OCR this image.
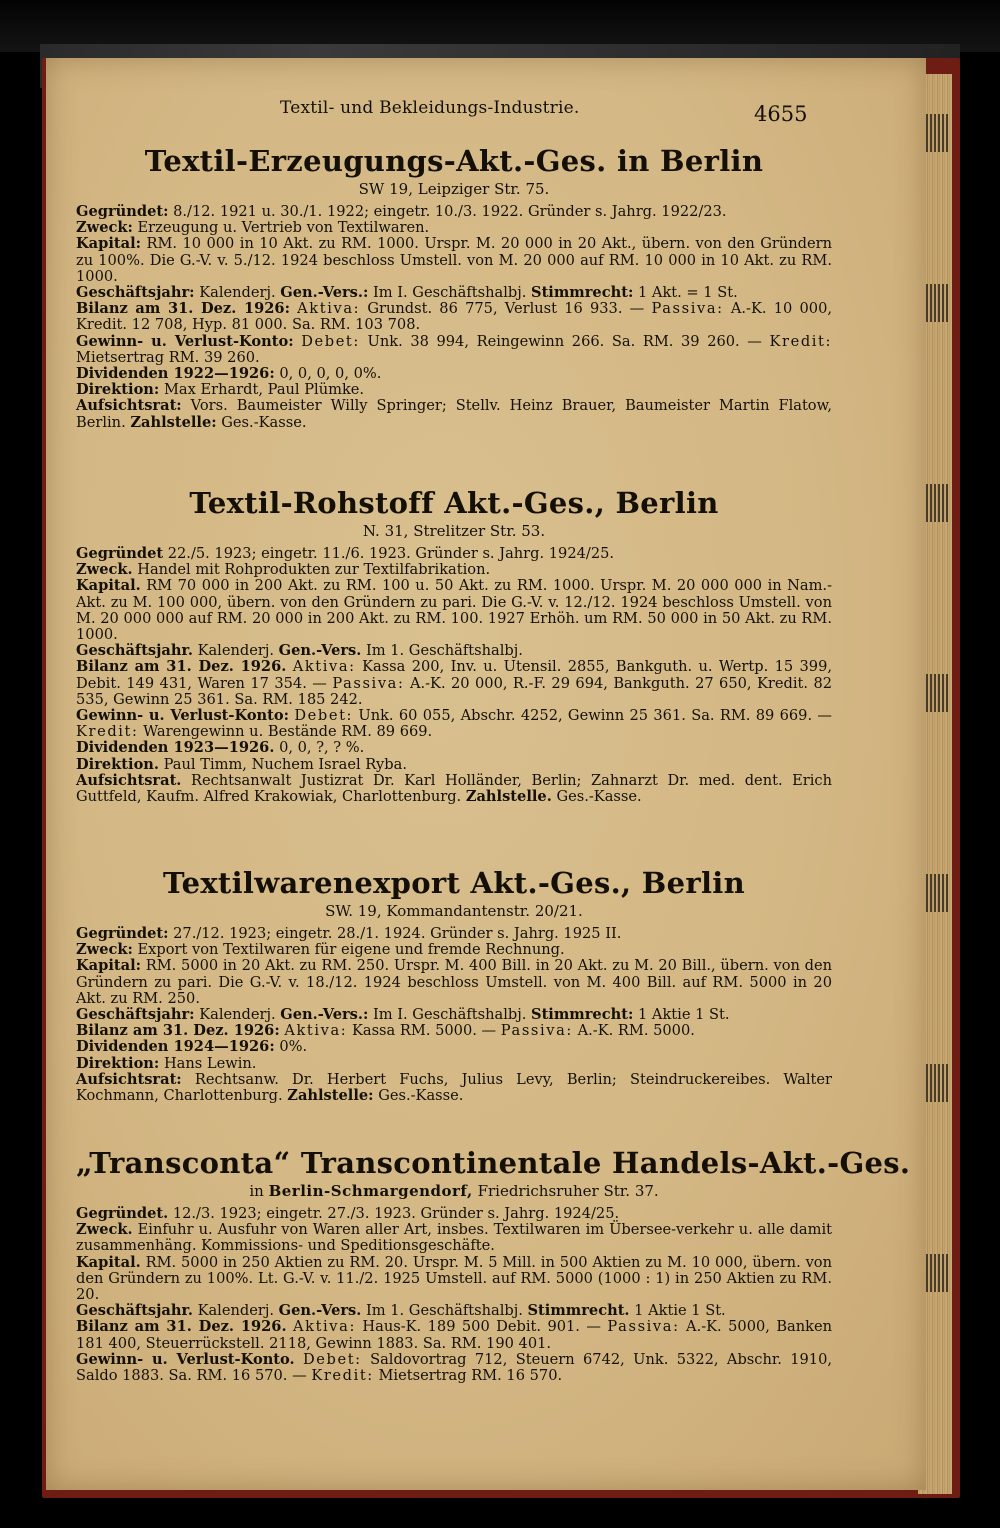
Textil- und Bekleidungs-Industrie.	4655
Textil-Erzeugungs-Akt.-Ges. in Berlin
SW 19, Leipziger Str. 75.

Gegründet: 8./12. 1921 u. 30./1. 1922; eingetr. 10./3. 1922. Gründer s. Jahrg. 1922/23.

Zweck: Erzeugung u. Vertrieb von Textilwaren.

Kapital: RM. 10 000 in 10 Akt. zu RM. 1000. Urspr. M. 20 000 in 20 Akt., übern. von den Gründern zu 100%. Die G.-V. v. 5./12. 1924 beschloss Umstell. von M. 20 000 auf RM. 10 000 in 10 Akt. zu RM. 1000.

Geschäftsjahr: Kalenderj. Gen.-Vers.: Im I. Geschäftshalbj. Stimmrecht: 1 Akt. = 1 St.

Bilanz am 31. Dez. 1926: Aktiva: Grundst. 86 775, Verlust 16 933. — Passiva: A.-K. 10 000, Kredit. 12 708, Hyp. 81 000. Sa. RM. 103 708.

Gewinn- u. Verlust-Konto: Debet: Unk. 38 994, Reingewinn 266. Sa. RM. 39 260. — Kredit: Mietsertrag RM. 39 260.

Dividenden 1922—1926: 0, 0, 0, 0, 0%.

Direktion: Max Erhardt, Paul Plümke.

Aufsichtsrat: Vors. Baumeister Willy Springer; Stellv. Heinz Brauer, Baumeister Martin Flatow, Berlin. Zahlstelle: Ges.-Kasse.

Textil-Rohstoff Akt.-Ges., Berlin
N. 31, Strelitzer Str. 53.

Gegründet 22./5. 1923; eingetr. 11./6. 1923. Gründer s. Jahrg. 1924/25.

Zweck. Handel mit Rohprodukten zur Textilfabrikation.

Kapital. RM 70 000 in 200 Akt. zu RM. 100 u. 50 Akt. zu RM. 1000. Urspr. M. 20 000 000 in Nam.-Akt. zu M. 100 000, übern. von den Gründern zu pari. Die G.-V. v. 12./12. 1924 beschloss Umstell. von M. 20 000 000 auf RM. 20 000 in 200 Akt. zu RM. 100. 1927 Erhöh. um RM. 50 000 in 50 Akt. zu RM. 1000.

Geschäftsjahr. Kalenderj. Gen.-Vers. Im 1. Geschäftshalbj.

Bilanz am 31. Dez. 1926. Aktiva: Kassa 200, Inv. u. Utensil. 2855, Bankguth. u. Wertp. 15 399, Debit. 149 431, Waren 17 354. — Passiva: A.-K. 20 000, R.-F. 29 694, Bankguth. 27 650, Kredit. 82 535, Gewinn 25 361. Sa. RM. 185 242.

Gewinn- u. Verlust-Konto: Debet: Unk. 60 055, Abschr. 4252, Gewinn 25 361. Sa. RM. 89 669. — Kredit: Warengewinn u. Bestände RM. 89 669.

Dividenden 1923—1926. 0, 0, ?, ? %.

Direktion. Paul Timm, Nuchem Israel Ryba.

Aufsichtsrat. Rechtsanwalt Justizrat Dr. Karl Holländer, Berlin; Zahnarzt Dr. med. dent. Erich Guttfeld, Kaufm. Alfred Krakowiak, Charlottenburg. Zahlstelle. Ges.-Kasse.

Textilwarenexport Akt.-Ges., Berlin
SW. 19, Kommandantenstr. 20/21.

Gegründet: 27./12. 1923; eingetr. 28./1. 1924. Gründer s. Jahrg. 1925 II.

Zweck: Export von Textilwaren für eigene und fremde Rechnung.

Kapital: RM. 5000 in 20 Akt. zu RM. 250. Urspr. M. 400 Bill. in 20 Akt. zu M. 20 Bill., übern. von den Gründern zu pari. Die G.-V. v. 18./12. 1924 beschloss Umstell. von M. 400 Bill. auf RM. 5000 in 20 Akt. zu RM. 250.

Geschäftsjahr: Kalenderj. Gen.-Vers.: Im I. Geschäftshalbj. Stimmrecht: 1 Aktie 1 St.

Bilanz am 31. Dez. 1926: Aktiva: Kassa RM. 5000. — Passiva: A.-K. RM. 5000.

Dividenden 1924—1926: 0%.

Direktion: Hans Lewin.

Aufsichtsrat: Rechtsanw. Dr. Herbert Fuchs, Julius Levy, Berlin; Steindruckereibes. Walter Kochmann, Charlottenburg. Zahlstelle: Ges.-Kasse.

„Transconta“ Transcontinentale Handels-Akt.-Ges.
in Berlin-Schmargendorf, Friedrichsruher Str. 37.

Gegründet. 12./3. 1923; eingetr. 27./3. 1923. Gründer s. Jahrg. 1924/25.

Zweck. Einfuhr u. Ausfuhr von Waren aller Art, insbes. Textilwaren im Übersee-verkehr u. alle damit zusammenhäng. Kommissions- und Speditionsgeschäfte.

Kapital. RM. 5000 in 250 Aktien zu RM. 20. Urspr. M. 5 Mill. in 500 Aktien zu M. 10 000, übern. von den Gründern zu 100%. Lt. G.-V. v. 11./2. 1925 Umstell. auf RM. 5000 (1000 : 1) in 250 Aktien zu RM. 20.

Geschäftsjahr. Kalenderj. Gen.-Vers. Im 1. Geschäftshalbj. Stimmrecht. 1 Aktie 1 St.

Bilanz am 31. Dez. 1926. Aktiva: Haus-K. 189 500 Debit. 901. — Passiva: A.-K. 5000, Banken 181 400, Steuerrückstell. 2118, Gewinn 1883. Sa. RM. 190 401.

Gewinn- u. Verlust-Konto. Debet: Saldovortrag 712, Steuern 6742, Unk. 5322, Abschr. 1910, Saldo 1883. Sa. RM. 16 570. — Kredit: Mietsertrag RM. 16 570.
